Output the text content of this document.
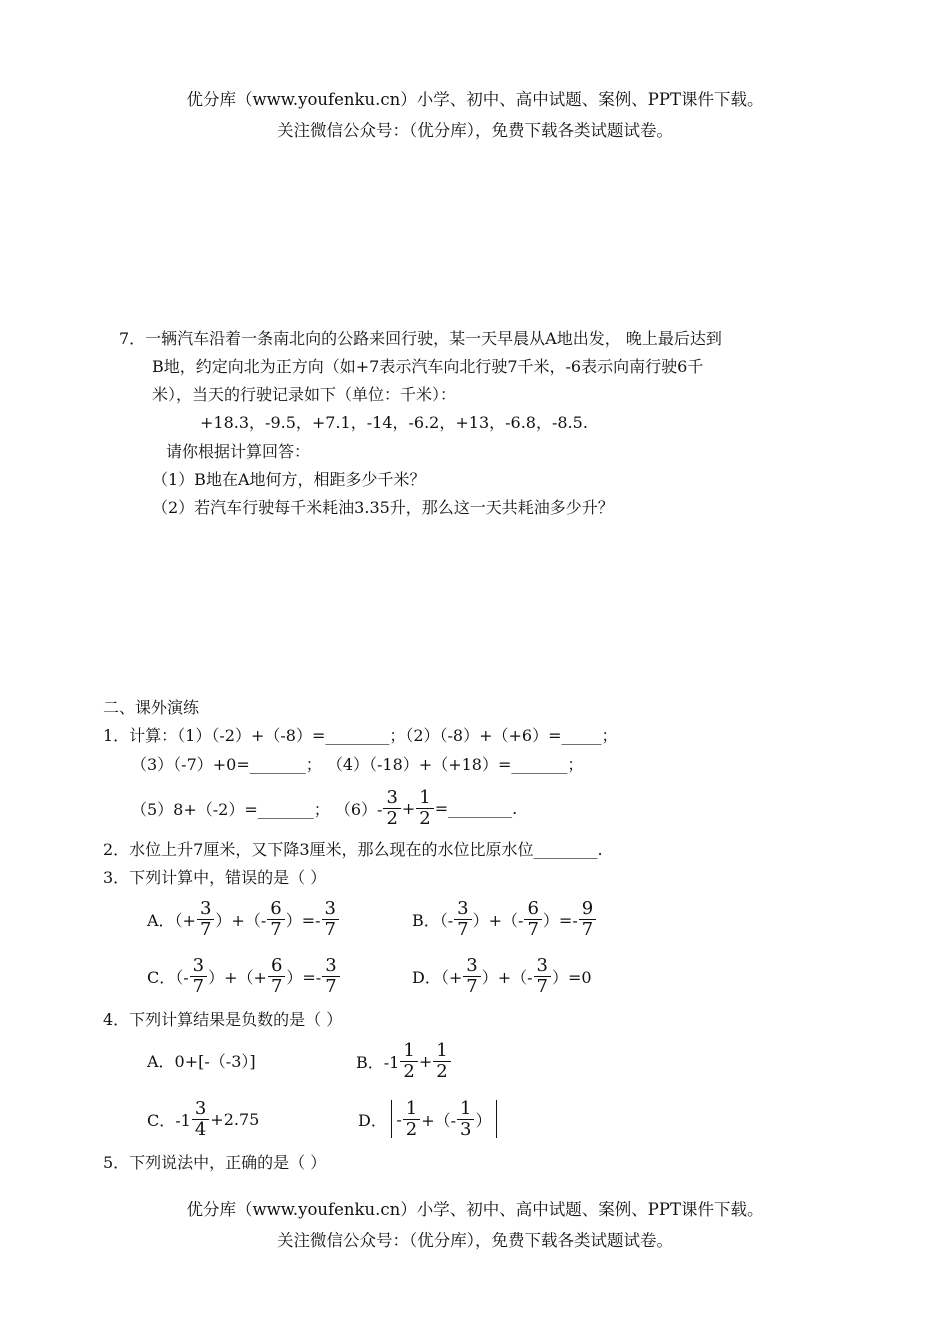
优分库（www.youfenku.cn）小学、初中、高中试题、案例、PPT课件下载。
关注微信公众号：（优分库），免费下载各类试题试卷。
7．一辆汽车沿着一条南北向的公路来回行驶，某一天早晨从A地出发， 晚上最后达到
B地，约定向北为正方向（如+7表示汽车向北行驶7千米，-6表示向南行驶6千
米），当天的行驶记录如下（单位：千米）：
+18.3，-9.5，+7.1，-14，-6.2，+13，-6.8，-8.5.
请你根据计算回答：
（1）B地在A地何方，相距多少千米？
（2）若汽车行驶每千米耗油3.35升，那么这一天共耗油多少升？
二、课外演练
1．计算：（1）（-2）+（-8）=________；（2）（-8）+（+6）=_____；
（3）（-7）+0=_______； （4）（-18）+（+18）=_______；
（5）8+（-2）=_______； $(6)- \frac{3}{2} + \frac{1}{2}$ =________.
2．水位上升7厘米，又下降3厘米，那么现在的水位比原水位________.
3．下列计算中，错误的是（ ）
A．（+ $\frac{3}{7}$ ）+（- $\frac{6}{7}$ ）=- $\frac{3}{7}$	B．（- $\frac{3}{7}$ ）+（- $\frac{6}{7}$ ）=- $\frac{9}{7}$
C．（- $\frac{3}{7}$ ）+（+ $\frac{6}{7}$ ）=- $\frac{3}{7}$	D．（+ $\frac{3}{7}$ ）+（- $\frac{3}{7} )=0$
4．下列计算结果是负数的是（ ）
A．0+[-（-3）]	B．$-1 \frac{1}{2} + \frac{1}{2}$
C．$-1 \frac{3}{4} +2.75$	D． - $\frac{1}{2}$ +（- $\frac{1}{3}$ ）
5．下列说法中，正确的是（ ）
优分库（www.youfenku.cn）小学、初中、高中试题、案例、PPT课件下载。
关注微信公众号：（优分库），免费下载各类试题试卷。
